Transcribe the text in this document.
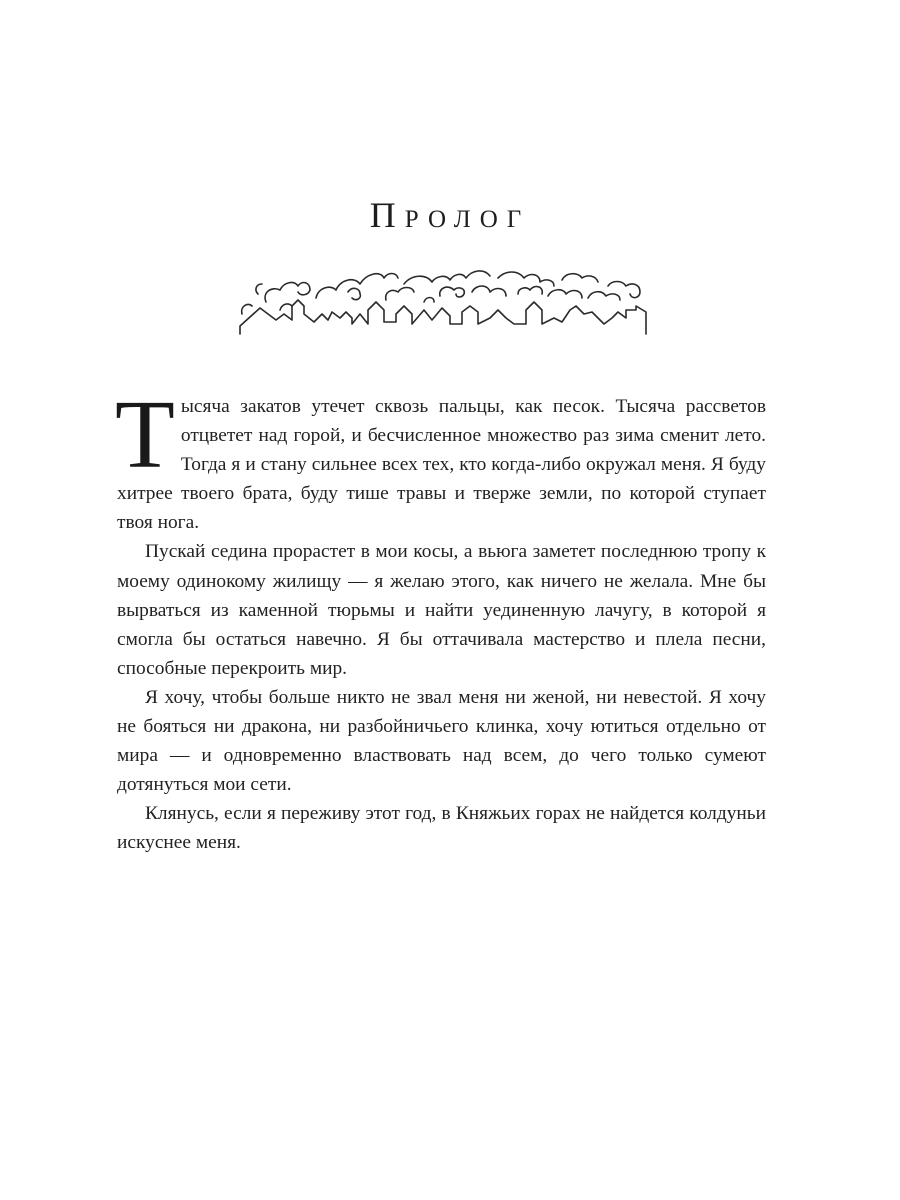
Пролог

Тысяча закатов утечет сквозь пальцы, как песок. Тысяча рассветов отцветет над горой, и бесчисленное множество раз зима сменит лето. Тогда я и стану сильнее всех тех, кто когда-либо окружал меня. Я буду хитрее твоего брата, буду тише травы и тверже земли, по которой ступает твоя нога.

Пускай седина прорастет в мои косы, а вьюга заметет последнюю тропу к моему одинокому жилищу — я желаю этого, как ничего не желала. Мне бы вырваться из каменной тюрьмы и найти уединенную лачугу, в которой я смогла бы остаться навечно. Я бы оттачивала мастерство и плела песни, способные перекроить мир.

Я хочу, чтобы больше никто не звал меня ни женой, ни невестой. Я хочу не бояться ни дракона, ни разбойничьего клинка, хочу ютиться отдельно от мира — и одновременно властвовать над всем, до чего только сумеют дотянуться мои сети.

Клянусь, если я переживу этот год, в Княжьих горах не найдется колдуньи искуснее меня.
